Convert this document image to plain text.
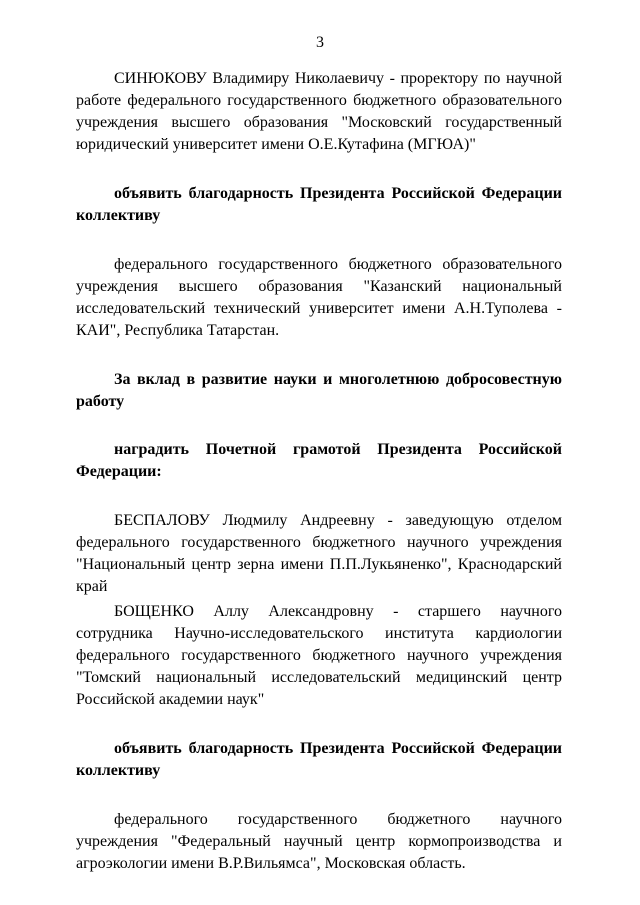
3

СИНЮКОВУ Владимиру Николаевичу - проректору по научной работе федерального государственного бюджетного образовательного учреждения высшего образования "Московский государственный юридический университет имени О.Е.Кутафина (МГЮА)"

объявить благодарность Президента Российской Федерации коллективу

федерального государственного бюджетного образовательного учреждения высшего образования "Казанский национальный исследовательский технический университет имени А.Н.Туполева - КАИ", Республика Татарстан.

За вклад в развитие науки и многолетнюю добросовестную работу

наградить Почетной грамотой Президента Российской Федерации:

БЕСПАЛОВУ Людмилу Андреевну - заведующую отделом федерального государственного бюджетного научного учреждения "Национальный центр зерна имени П.П.Лукьяненко", Краснодарский край

БОЩЕНКО Аллу Александровну - старшего научного сотрудника Научно-исследовательского института кардиологии федерального государственного бюджетного научного учреждения "Томский национальный исследовательский медицинский центр Российской академии наук"

объявить благодарность Президента Российской Федерации коллективу

федерального государственного бюджетного научного учреждения "Федеральный научный центр кормопроизводства и агроэкологии имени В.Р.Вильямса", Московская область.
